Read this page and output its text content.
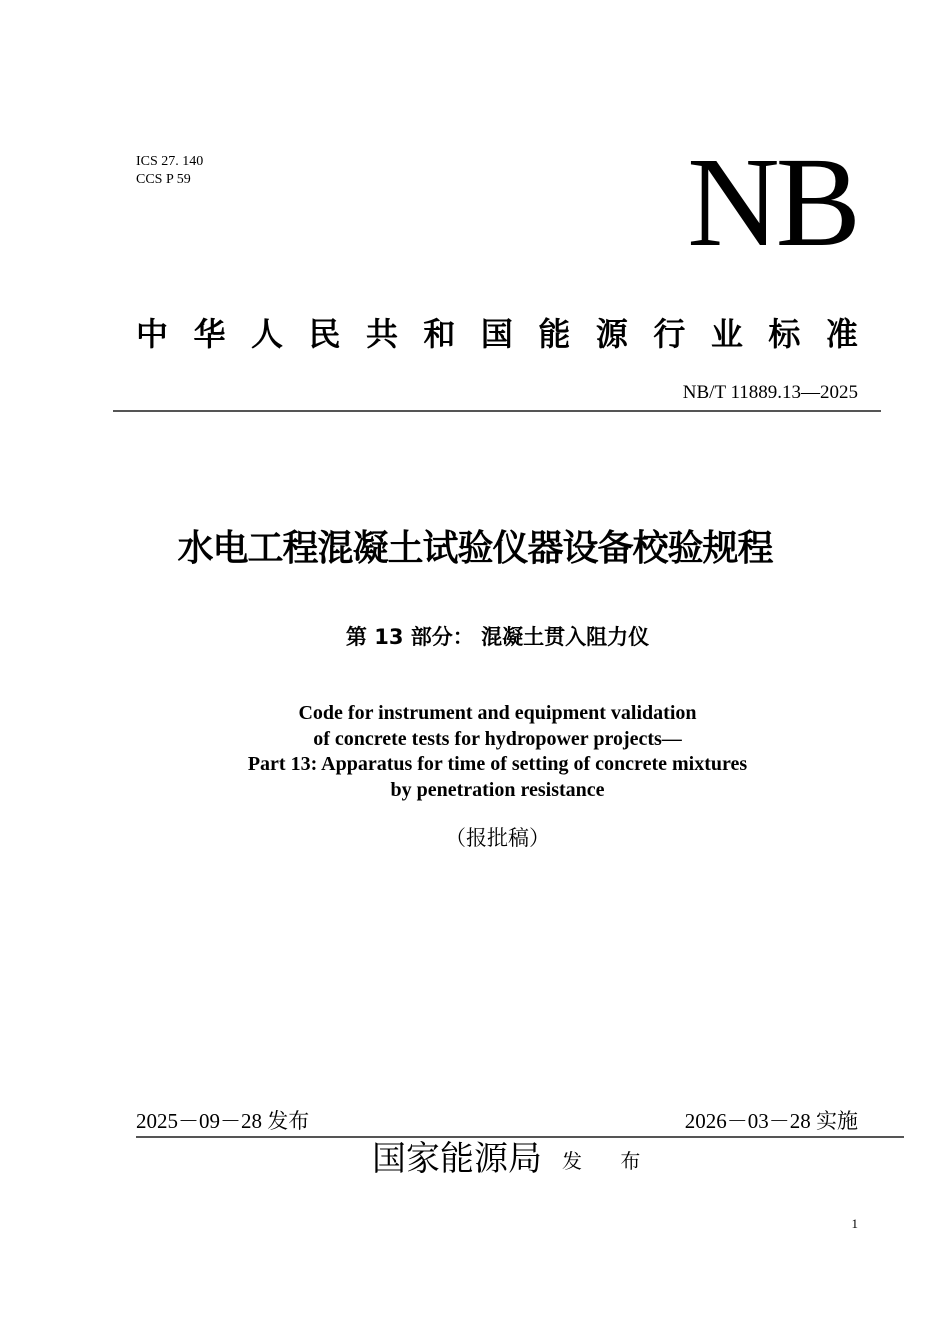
ICS 27. 140
CCS P 59	NB
中 华 人 民 共 和 国 能 源 行 业 标 准
NB/T 11889.13—2025
水电工程混凝土试验仪器设备校验规程
第 13 部分： 混凝土贯入阻力仪
Code for instrument and equipment validation
of concrete tests for hydropower projects—
Part 13: Apparatus for time of setting of concrete mixtures
by penetration resistance
（报批稿）
2025－09－28 发布	2026－03－28 实施
国家能源局 发 布
1
